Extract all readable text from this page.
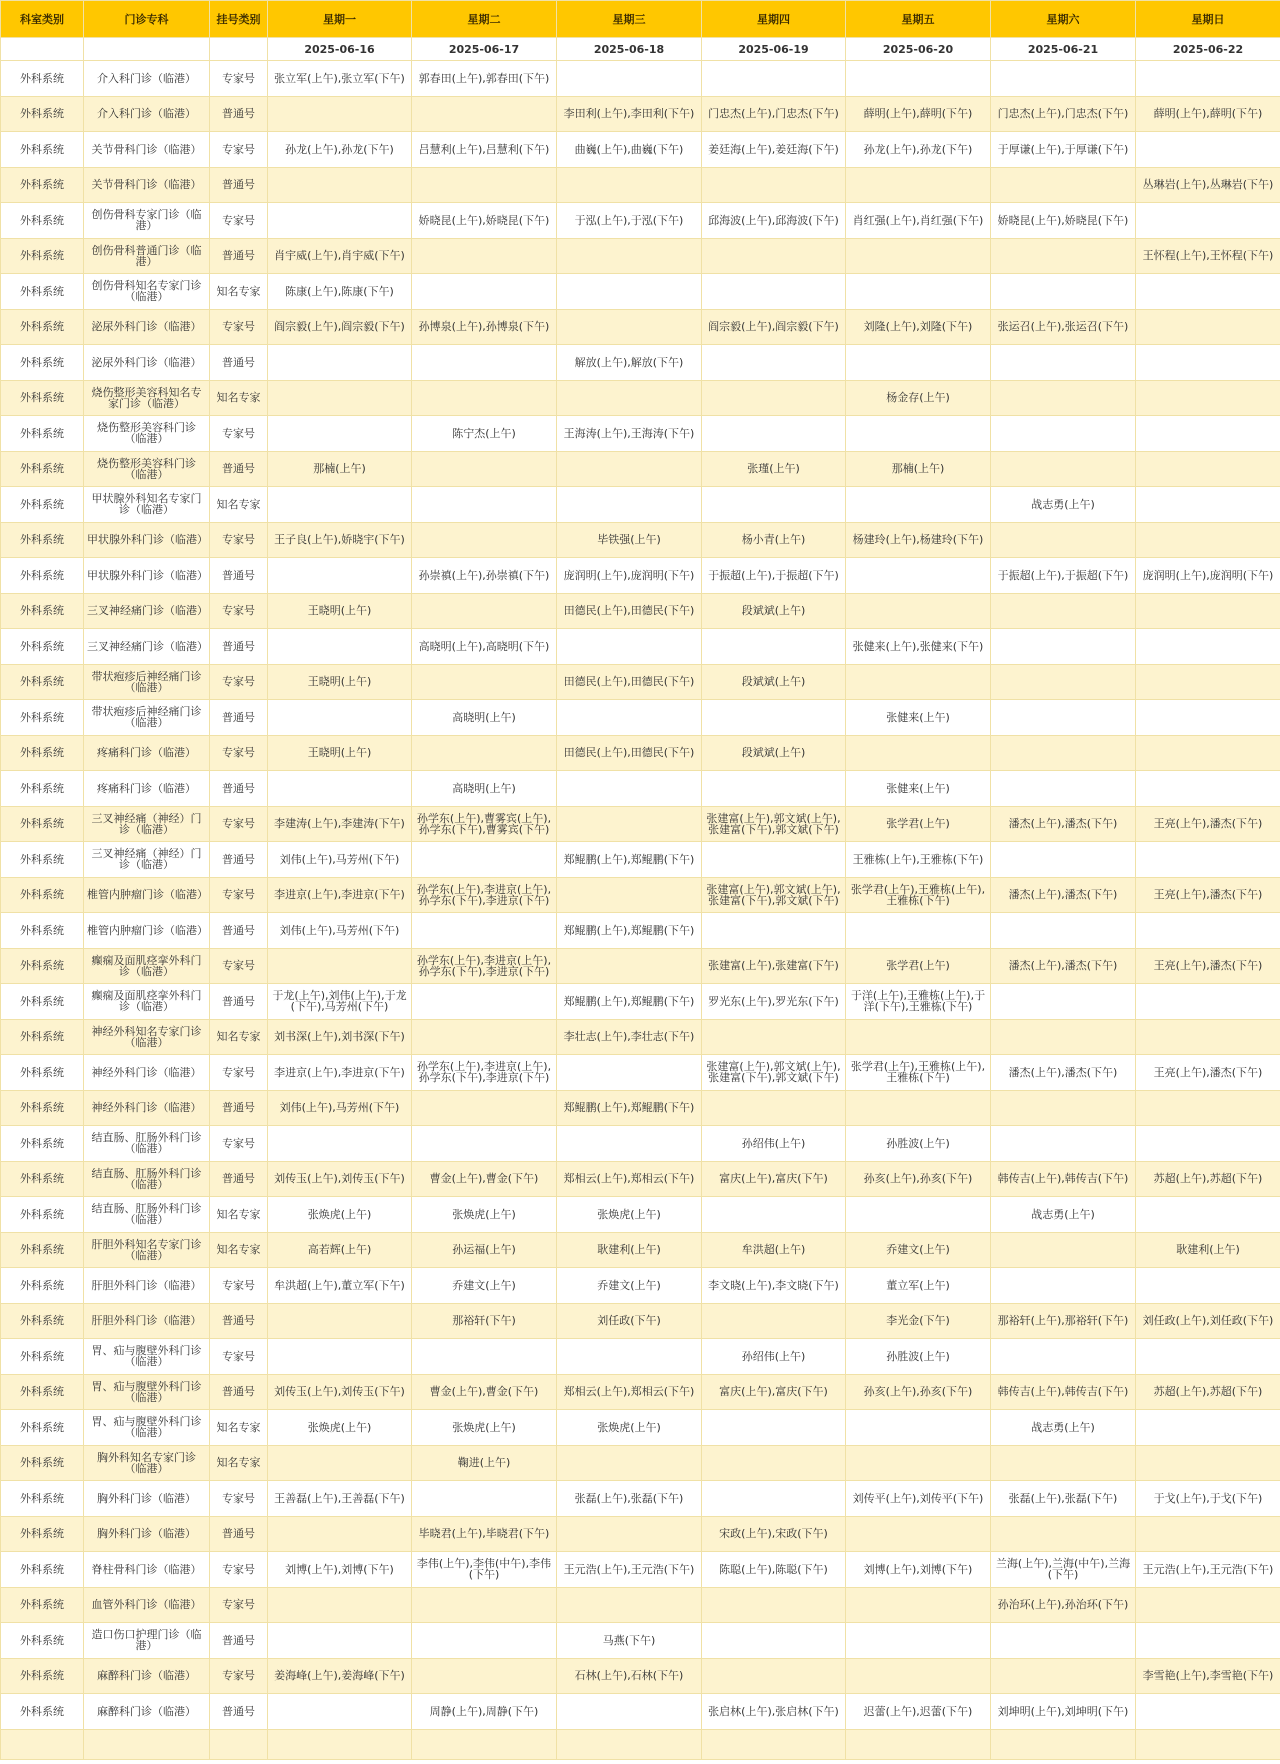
科室类别	门诊专科	挂号类别	星期一	星期二	星期三	星期四	星期五	星期六	星期日
			2025-06-16	2025-06-17	2025-06-18	2025-06-19	2025-06-20	2025-06-21	2025-06-22
外科系统	介入科门诊（临港）	专家号	张立军(上午),张立军(下午)	郭春田(上午),郭春田(下午)					
外科系统	介入科门诊（临港）	普通号			李田利(上午),李田利(下午)	门忠杰(上午),门忠杰(下午)	薛明(上午),薛明(下午)	门忠杰(上午),门忠杰(下午)	薛明(上午),薛明(下午)
外科系统	关节骨科门诊（临港）	专家号	孙龙(上午),孙龙(下午)	吕慧利(上午),吕慧利(下午)	曲巍(上午),曲巍(下午)	姜廷海(上午),姜廷海(下午)	孙龙(上午),孙龙(下午)	于厚谦(上午),于厚谦(下午)	
外科系统	关节骨科门诊（临港）	普通号							丛琳岩(上午),丛琳岩(下午)
外科系统	创伤骨科专家门诊（临港）	专家号		娇晓昆(上午),娇晓昆(下午)	于泓(上午),于泓(下午)	邱海波(上午),邱海波(下午)	肖红强(上午),肖红强(下午)	娇晓昆(上午),娇晓昆(下午)	
外科系统	创伤骨科普通门诊（临港）	普通号	肖宇威(上午),肖宇威(下午)						王怀程(上午),王怀程(下午)
外科系统	创伤骨科知名专家门诊（临港）	知名专家	陈康(上午),陈康(下午)						
外科系统	泌尿外科门诊（临港）	专家号	阎宗毅(上午),阎宗毅(下午)	孙博泉(上午),孙博泉(下午)		阎宗毅(上午),阎宗毅(下午)	刘隆(上午),刘隆(下午)	张运召(上午),张运召(下午)	
外科系统	泌尿外科门诊（临港）	普通号			解放(上午),解放(下午)				
外科系统	烧伤整形美容科知名专家门诊（临港）	知名专家					杨金存(上午)		
外科系统	烧伤整形美容科门诊（临港）	专家号		陈宁杰(上午)	王海涛(上午),王海涛(下午)				
外科系统	烧伤整形美容科门诊（临港）	普通号	那楠(上午)			张瑾(上午)	那楠(上午)		
外科系统	甲状腺外科知名专家门诊（临港）	知名专家						战志勇(上午)	
外科系统	甲状腺外科门诊（临港）	专家号	王子良(上午),娇晓宇(下午)		毕铁强(上午)	杨小青(上午)	杨建玲(上午),杨建玲(下午)		
外科系统	甲状腺外科门诊（临港）	普通号		孙崇禛(上午),孙崇禛(下午)	庞润明(上午),庞润明(下午)	于振超(上午),于振超(下午)		于振超(上午),于振超(下午)	庞润明(上午),庞润明(下午)
外科系统	三叉神经痛门诊（临港）	专家号	王晓明(上午)		田德民(上午),田德民(下午)	段斌斌(上午)			
外科系统	三叉神经痛门诊（临港）	普通号		高晓明(上午),高晓明(下午)			张健来(上午),张健来(下午)		
外科系统	带状疱疹后神经痛门诊（临港）	专家号	王晓明(上午)		田德民(上午),田德民(下午)	段斌斌(上午)			
外科系统	带状疱疹后神经痛门诊（临港）	普通号		高晓明(上午)			张健来(上午)		
外科系统	疼痛科门诊（临港）	专家号	王晓明(上午)		田德民(上午),田德民(下午)	段斌斌(上午)			
外科系统	疼痛科门诊（临港）	普通号		高晓明(上午)			张健来(上午)		
外科系统	三叉神经痛（神经）门诊（临港）	专家号	李建涛(上午),李建涛(下午)	孙学东(上午),曹雾宾(上午),孙学东(下午),曹雾宾(下午)		张建富(上午),郭文斌(上午),张建富(下午),郭文斌(下午)	张学君(上午)	潘杰(上午),潘杰(下午)	王亮(上午),潘杰(下午)
外科系统	三叉神经痛（神经）门诊（临港）	普通号	刘伟(上午),马芳州(下午)		郑鲲鹏(上午),郑鲲鹏(下午)		王雅栋(上午),王雅栋(下午)		
外科系统	椎管内肿瘤门诊（临港）	专家号	李进京(上午),李进京(下午)	孙学东(上午),李进京(上午),孙学东(下午),李进京(下午)		张建富(上午),郭文斌(上午),张建富(下午),郭文斌(下午)	张学君(上午),王雅栋(上午),王雅栋(下午)	潘杰(上午),潘杰(下午)	王亮(上午),潘杰(下午)
外科系统	椎管内肿瘤门诊（临港）	普通号	刘伟(上午),马芳州(下午)		郑鲲鹏(上午),郑鲲鹏(下午)				
外科系统	癫痫及面肌痉挛外科门诊（临港）	专家号		孙学东(上午),李进京(上午),孙学东(下午),李进京(下午)		张建富(上午),张建富(下午)	张学君(上午)	潘杰(上午),潘杰(下午)	王亮(上午),潘杰(下午)
外科系统	癫痫及面肌痉挛外科门诊（临港）	普通号	于龙(上午),刘伟(上午),于龙(下午),马芳州(下午)		郑鲲鹏(上午),郑鲲鹏(下午)	罗光东(上午),罗光东(下午)	于洋(上午),王雅栋(上午),于洋(下午),王雅栋(下午)		
外科系统	神经外科知名专家门诊（临港）	知名专家	刘书深(上午),刘书深(下午)		李壮志(上午),李壮志(下午)				
外科系统	神经外科门诊（临港）	专家号	李进京(上午),李进京(下午)	孙学东(上午),李进京(上午),孙学东(下午),李进京(下午)		张建富(上午),郭文斌(上午),张建富(下午),郭文斌(下午)	张学君(上午),王雅栋(上午),王雅栋(下午)	潘杰(上午),潘杰(下午)	王亮(上午),潘杰(下午)
外科系统	神经外科门诊（临港）	普通号	刘伟(上午),马芳州(下午)		郑鲲鹏(上午),郑鲲鹏(下午)				
外科系统	结直肠、肛肠外科门诊（临港）	专家号				孙绍伟(上午)	孙胜波(上午)		
外科系统	结直肠、肛肠外科门诊（临港）	普通号	刘传玉(上午),刘传玉(下午)	曹金(上午),曹金(下午)	郑相云(上午),郑相云(下午)	富庆(上午),富庆(下午)	孙亥(上午),孙亥(下午)	韩传吉(上午),韩传吉(下午)	苏超(上午),苏超(下午)
外科系统	结直肠、肛肠外科门诊（临港）	知名专家	张焕虎(上午)	张焕虎(上午)	张焕虎(上午)			战志勇(上午)	
外科系统	肝胆外科知名专家门诊（临港）	知名专家	高若辉(上午)	孙运福(上午)	耿建利(上午)	牟洪超(上午)	乔建文(上午)		耿建利(上午)
外科系统	肝胆外科门诊（临港）	专家号	牟洪超(上午),董立军(下午)	乔建文(上午)	乔建文(上午)	李文晓(上午),李文晓(下午)	董立军(上午)		
外科系统	肝胆外科门诊（临港）	普通号		那裕轩(下午)	刘任政(下午)		李光金(下午)	那裕轩(上午),那裕轩(下午)	刘任政(上午),刘任政(下午)
外科系统	胃、疝与腹壁外科门诊（临港）	专家号				孙绍伟(上午)	孙胜波(上午)		
外科系统	胃、疝与腹壁外科门诊（临港）	普通号	刘传玉(上午),刘传玉(下午)	曹金(上午),曹金(下午)	郑相云(上午),郑相云(下午)	富庆(上午),富庆(下午)	孙亥(上午),孙亥(下午)	韩传吉(上午),韩传吉(下午)	苏超(上午),苏超(下午)
外科系统	胃、疝与腹壁外科门诊（临港）	知名专家	张焕虎(上午)	张焕虎(上午)	张焕虎(上午)			战志勇(上午)	
外科系统	胸外科知名专家门诊（临港）	知名专家		鞠进(上午)					
外科系统	胸外科门诊（临港）	专家号	王善磊(上午),王善磊(下午)		张磊(上午),张磊(下午)		刘传平(上午),刘传平(下午)	张磊(上午),张磊(下午)	于戈(上午),于戈(下午)
外科系统	胸外科门诊（临港）	普通号		毕晓君(上午),毕晓君(下午)		宋政(上午),宋政(下午)			
外科系统	脊柱骨科门诊（临港）	专家号	刘博(上午),刘博(下午)	李伟(上午),李伟(中午),李伟(下午)	王元浩(上午),王元浩(下午)	陈聪(上午),陈聪(下午)	刘博(上午),刘博(下午)	兰海(上午),兰海(中午),兰海(下午)	王元浩(上午),王元浩(下午)
外科系统	血管外科门诊（临港）	专家号						孙治环(上午),孙治环(下午)	
外科系统	造口伤口护理门诊（临港）	普通号			马燕(下午)				
外科系统	麻醉科门诊（临港）	专家号	姜海峰(上午),姜海峰(下午)		石林(上午),石林(下午)				李雪艳(上午),李雪艳(下午)
外科系统	麻醉科门诊（临港）	普通号		周静(上午),周静(下午)		张启林(上午),张启林(下午)	迟蕾(上午),迟蕾(下午)	刘坤明(上午),刘坤明(下午)	
